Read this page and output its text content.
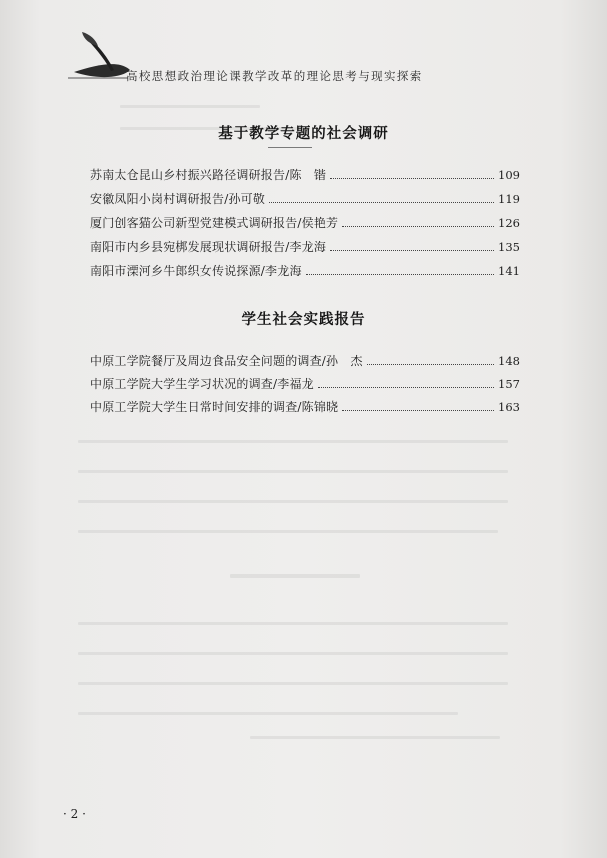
高校思想政治理论课教学改革的理论思考与现实探索
基于教学专题的社会调研
苏南太仓昆山乡村振兴路径调研报告/陈　锴	109
安徽凤阳小岗村调研报告/孙可敬	119
厦门创客猫公司新型党建模式调研报告/侯艳芳	126
南阳市内乡县宛梆发展现状调研报告/李龙海	135
南阳市溧河乡牛郎织女传说探源/李龙海	141
学生社会实践报告
中原工学院餐厅及周边食品安全问题的调查/孙　杰	148
中原工学院大学生学习状况的调查/李福龙	157
中原工学院大学生日常时间安排的调查/陈锦晓	163
· 2 ·
